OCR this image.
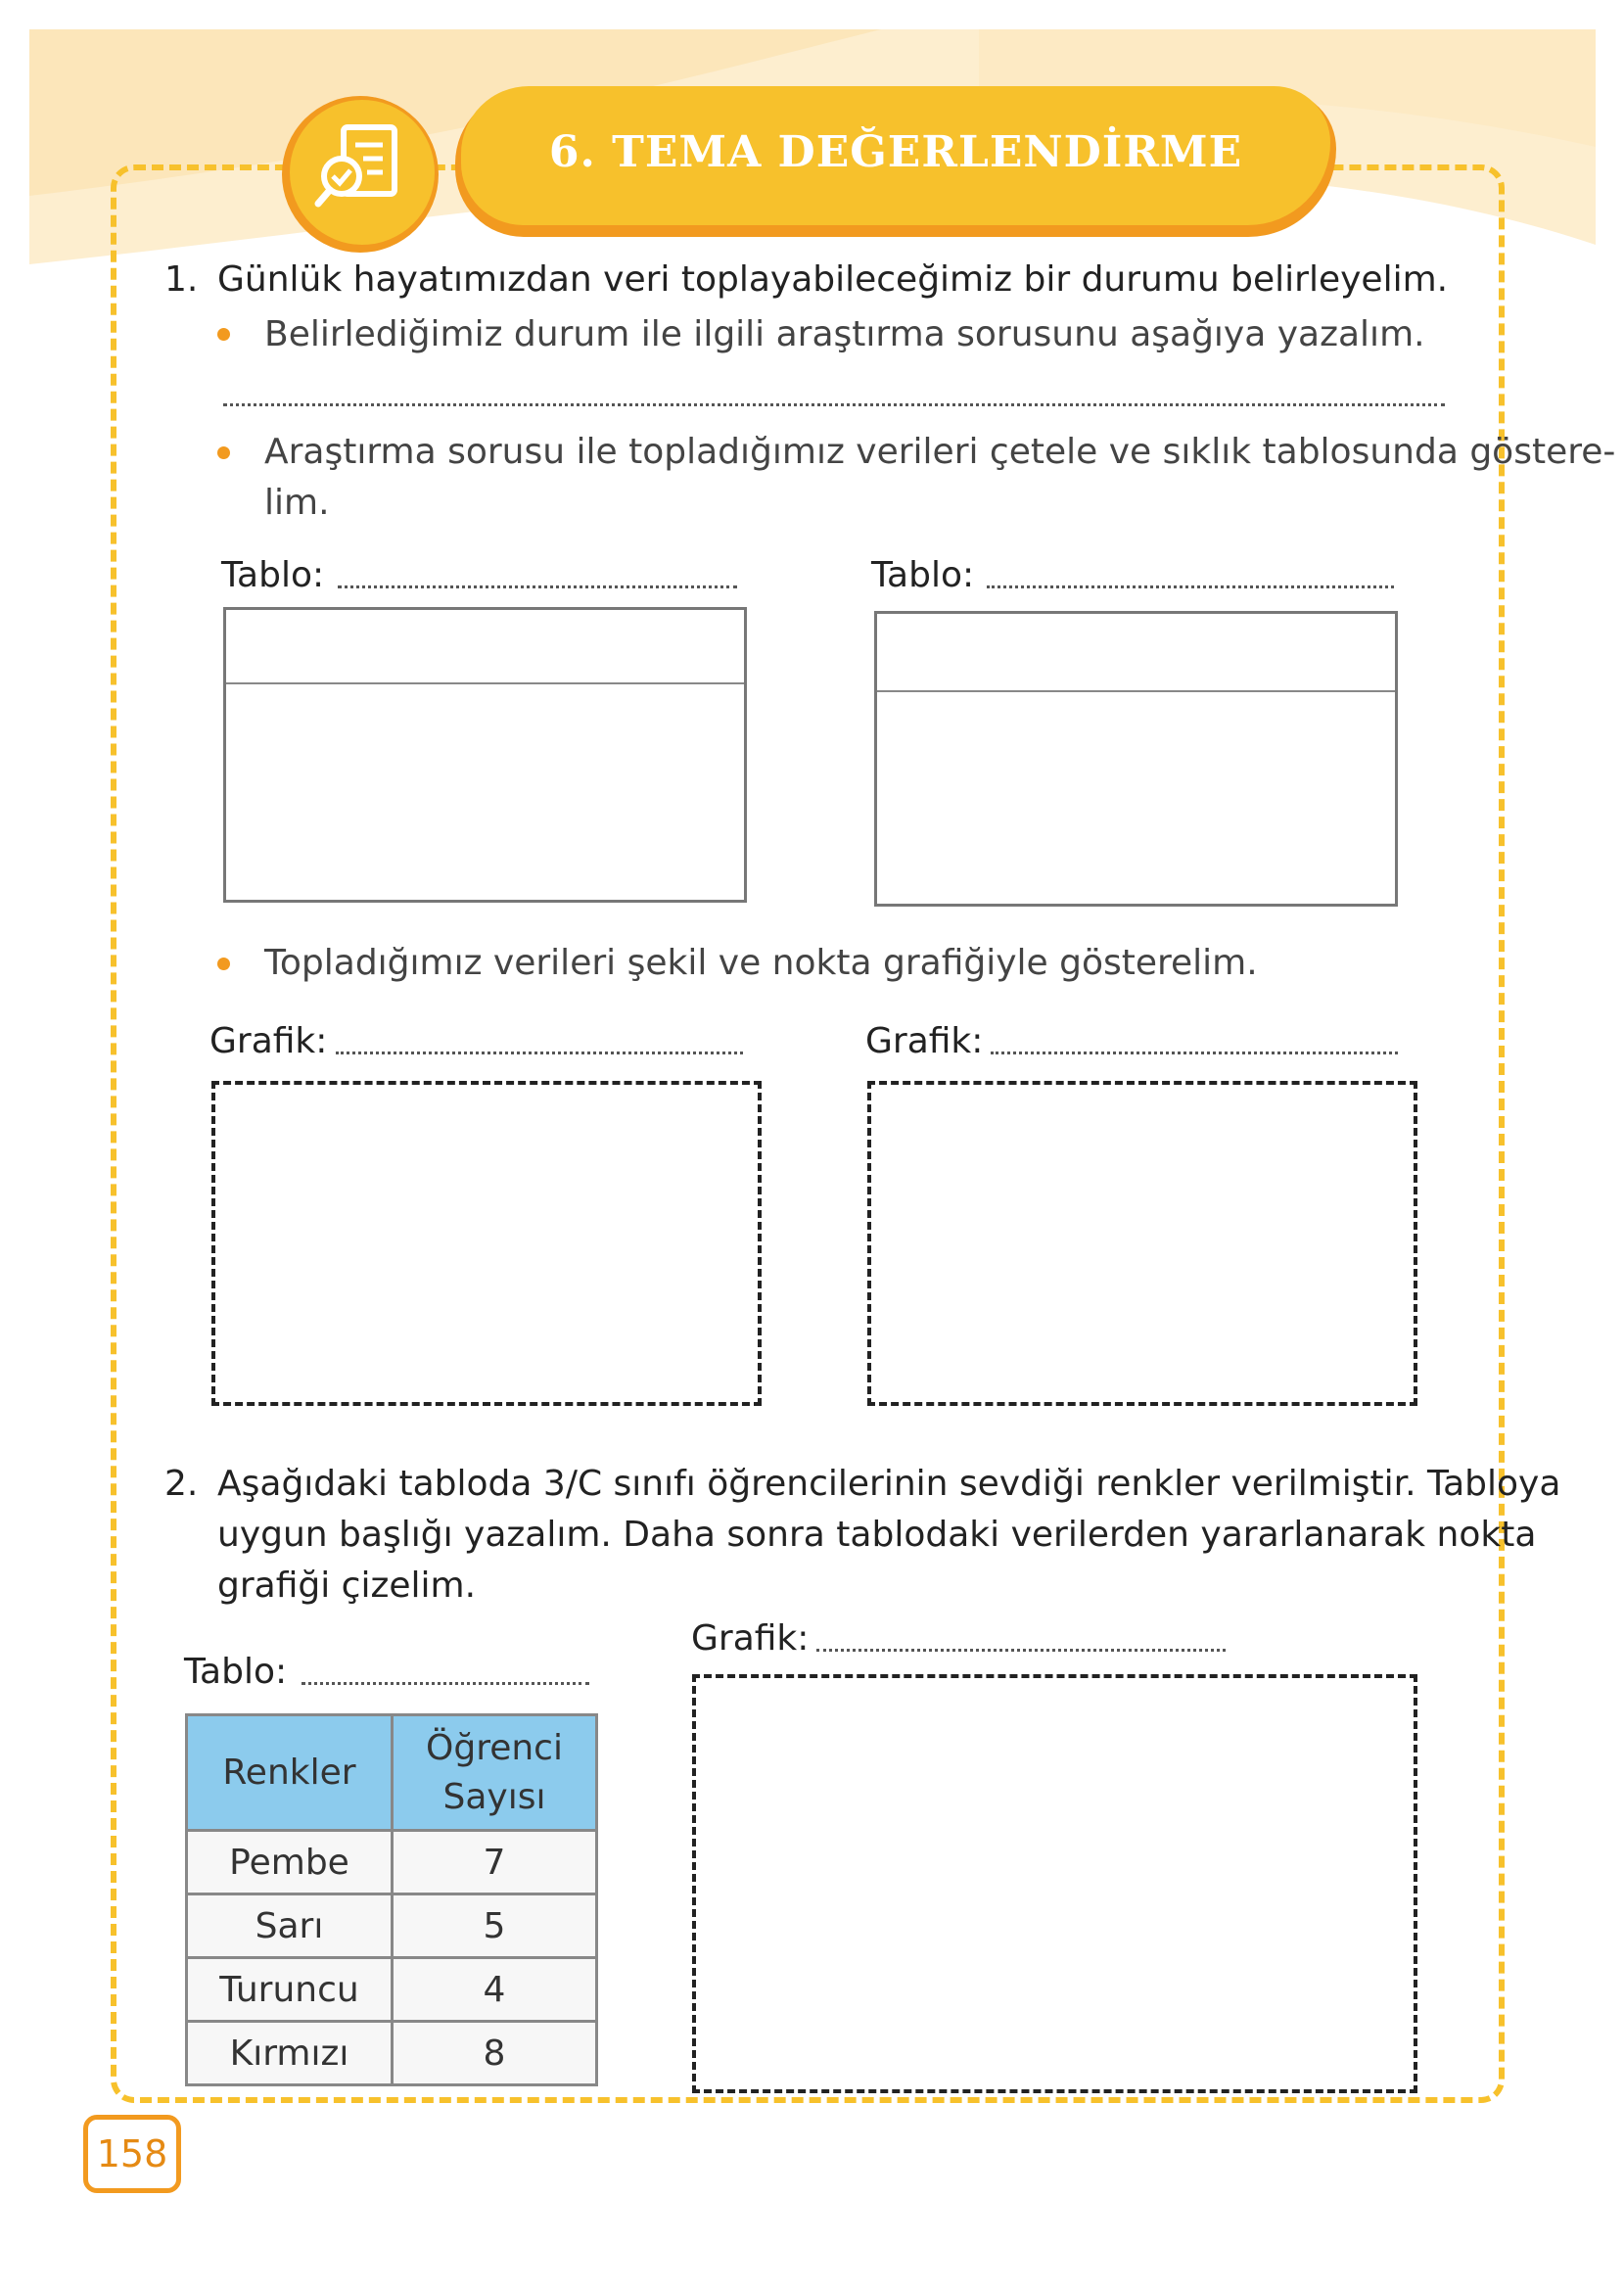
6. TEMA DEĞERLENDİRME
1. Günlük hayatımızdan veri toplayabileceğimiz bir durumu belirleyelim.
Belirlediğimiz durum ile ilgili araştırma sorusunu aşağıya yazalım.
Araştırma sorusu ile topladığımız verileri çetele ve sıklık tablosunda göstere-
lim.
Tablo:	Tablo:
Topladığımız verileri şekil ve nokta grafiğiyle gösterelim.
Grafik:	Grafik:
2. Aşağıdaki tabloda 3/C sınıfı öğrencilerinin sevdiği renkler verilmiştir. Tabloya
uygun başlığı yazalım. Daha sonra tablodaki verilerden yararlanarak nokta
grafiği çizelim.
Grafik:
Tablo:
Renkler	Öğrenci
Sayısı

Pembe	7
Sarı	5
Turuncu	4
Kırmızı	8
158
